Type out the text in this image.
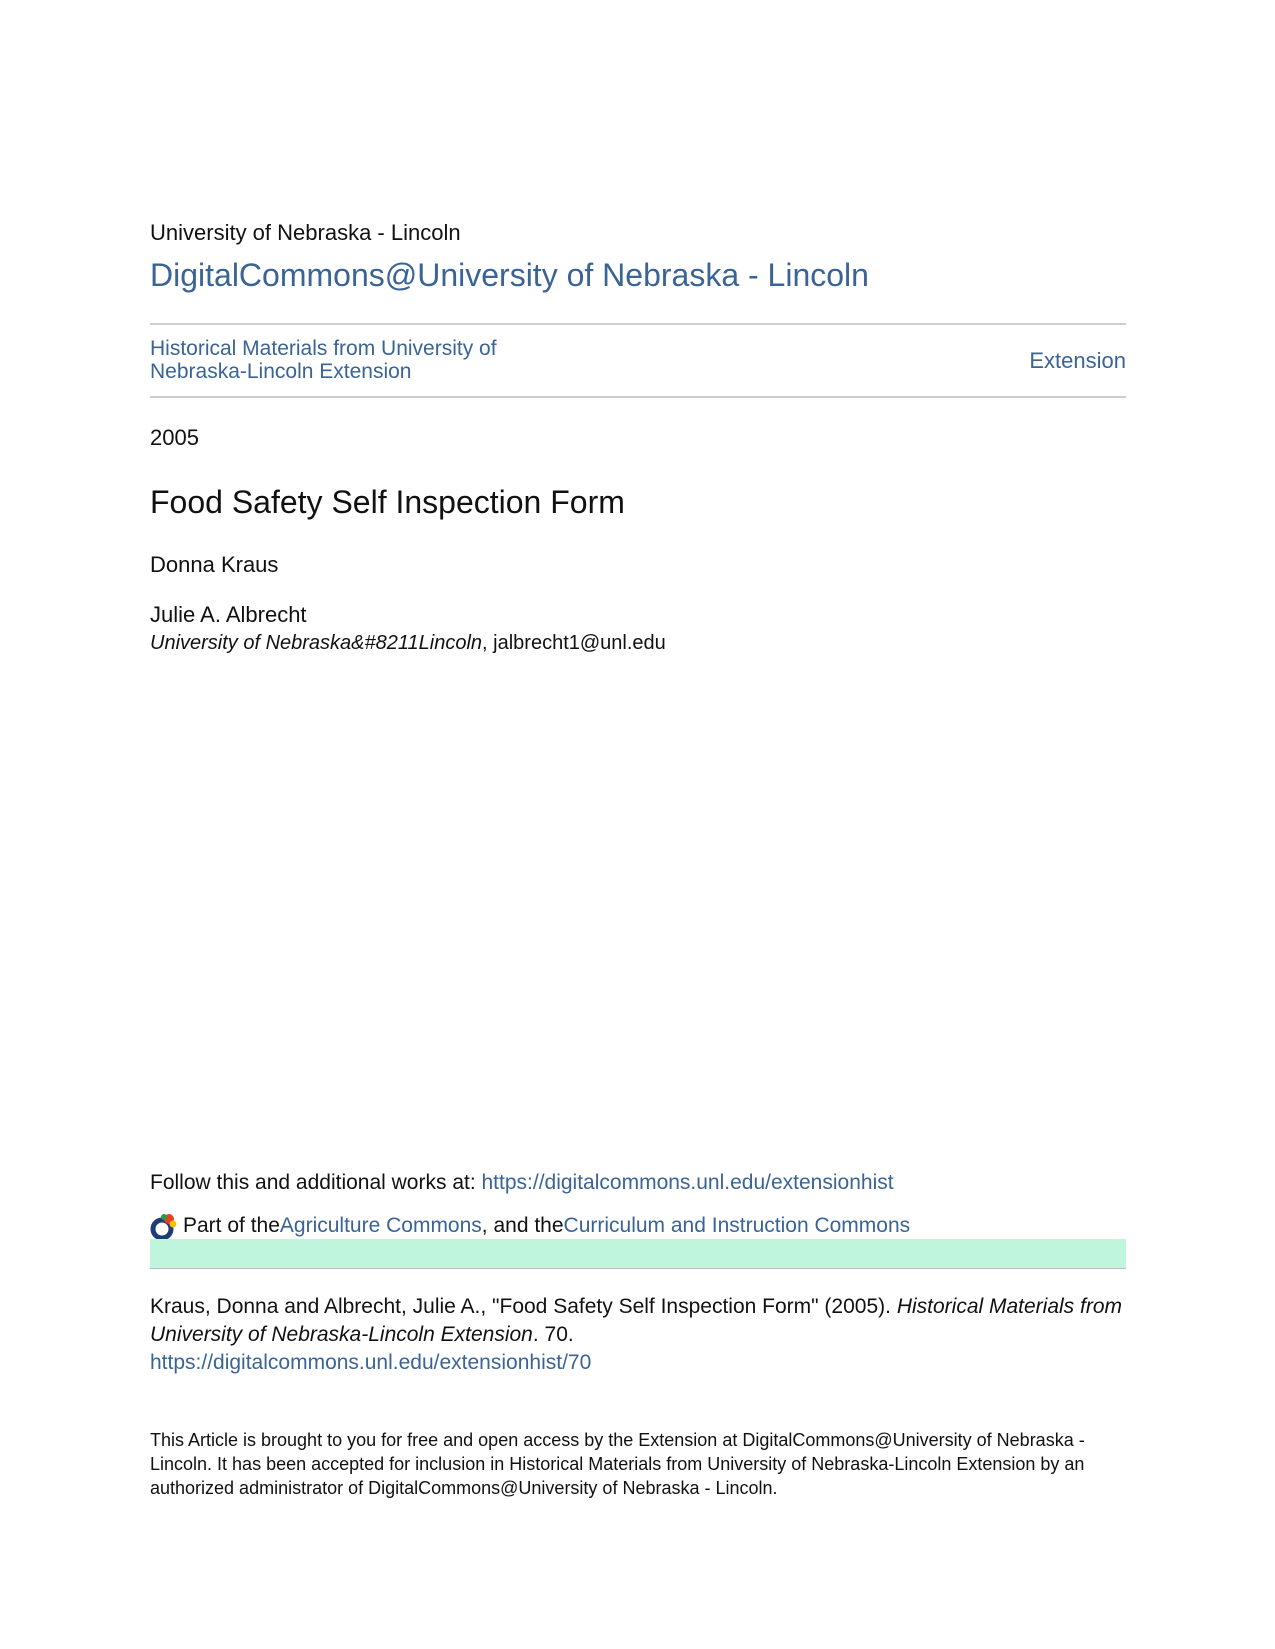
University of Nebraska - Lincoln
DigitalCommons@University of Nebraska - Lincoln
Historical Materials from University of Nebraska-Lincoln Extension	Extension
2005
Food Safety Self Inspection Form
Donna Kraus
Julie A. Albrecht
University of Nebraska&#8211Lincoln, jalbrecht1@unl.edu
Follow this and additional works at: https://digitalcommons.unl.edu/extensionhist
Part of the Agriculture Commons , and the Curriculum and Instruction Commons
Kraus, Donna and Albrecht, Julie A., "Food Safety Self Inspection Form" (2005). Historical Materials from University of Nebraska-Lincoln Extension. 70.
https://digitalcommons.unl.edu/extensionhist/70
This Article is brought to you for free and open access by the Extension at DigitalCommons@University of Nebraska - Lincoln. It has been accepted for inclusion in Historical Materials from University of Nebraska-Lincoln Extension by an authorized administrator of DigitalCommons@University of Nebraska - Lincoln.
